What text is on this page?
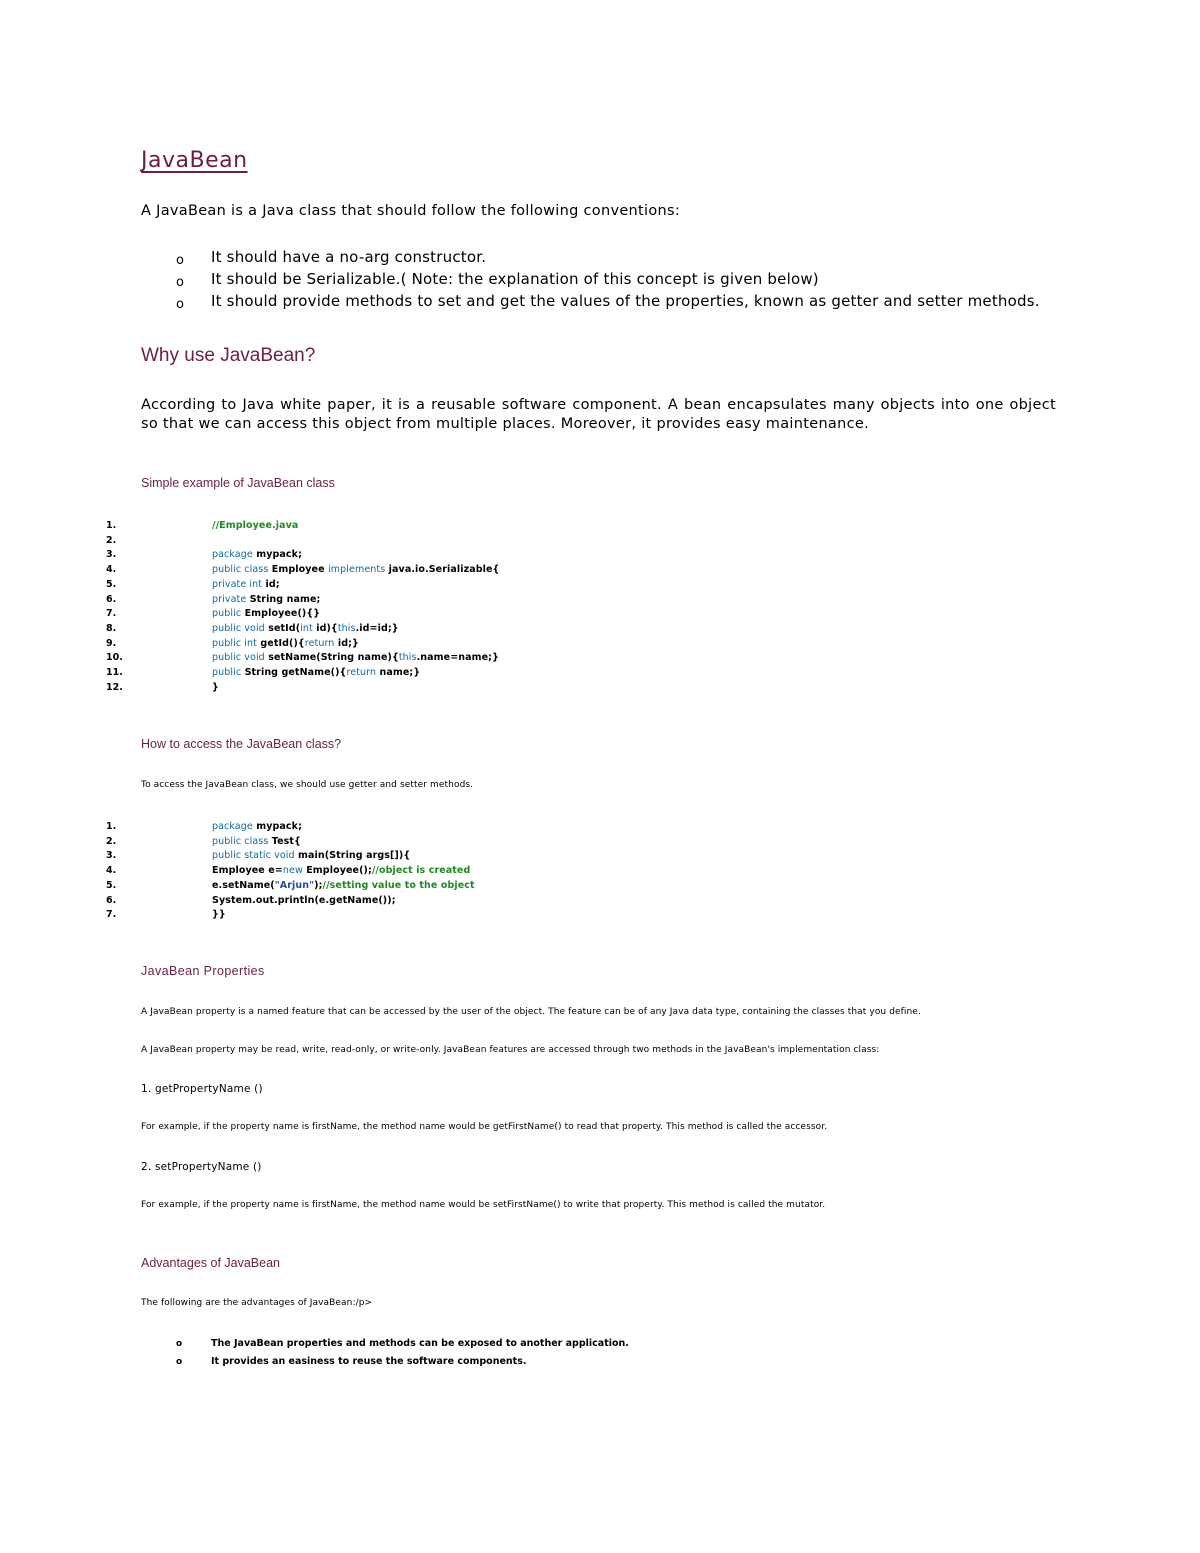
JavaBean
A JavaBean is a Java class that should follow the following conventions:
o It should have a no-arg constructor.
o It should be Serializable.( Note: the explanation of this concept is given below)
o It should provide methods to set and get the values of the properties, known as getter and setter methods.
Why use JavaBean?
According to Java white paper, it is a reusable software component. A bean encapsulates many objects into one object so that we can access this object from multiple places. Moreover, it provides easy maintenance.
Simple example of JavaBean class
1.	//Employee.java
2.
3.	package mypack;
4.	public class Employee implements java.io.Serializable{
5.	private int id;
6.	private String name;
7.	public Employee(){}
8.	public void setId(int id){this.id=id;}
9.	public int getId(){return id;}
10.	public void setName(String name){this.name=name;}
11.	public String getName(){return name;}
12.	}
How to access the JavaBean class?
To access the JavaBean class, we should use getter and setter methods.
1.	package mypack;
2.	public class Test{
3.	public static void main(String args[]){
4.	Employee e=new Employee();//object is created
5.	e.setName("Arjun");//setting value to the object
6.	System.out.println(e.getName());
7.	}}
JavaBean Properties
A JavaBean property is a named feature that can be accessed by the user of the object. The feature can be of any Java data type, containing the classes that you define.
A JavaBean property may be read, write, read-only, or write-only. JavaBean features are accessed through two methods in the JavaBean's implementation class:
1. getPropertyName ()
For example, if the property name is firstName, the method name would be getFirstName() to read that property. This method is called the accessor.
2. setPropertyName ()
For example, if the property name is firstName, the method name would be setFirstName() to write that property. This method is called the mutator.
Advantages of JavaBean
The following are the advantages of JavaBean:/p>
o	The JavaBean properties and methods can be exposed to another application.
o	It provides an easiness to reuse the software components.
